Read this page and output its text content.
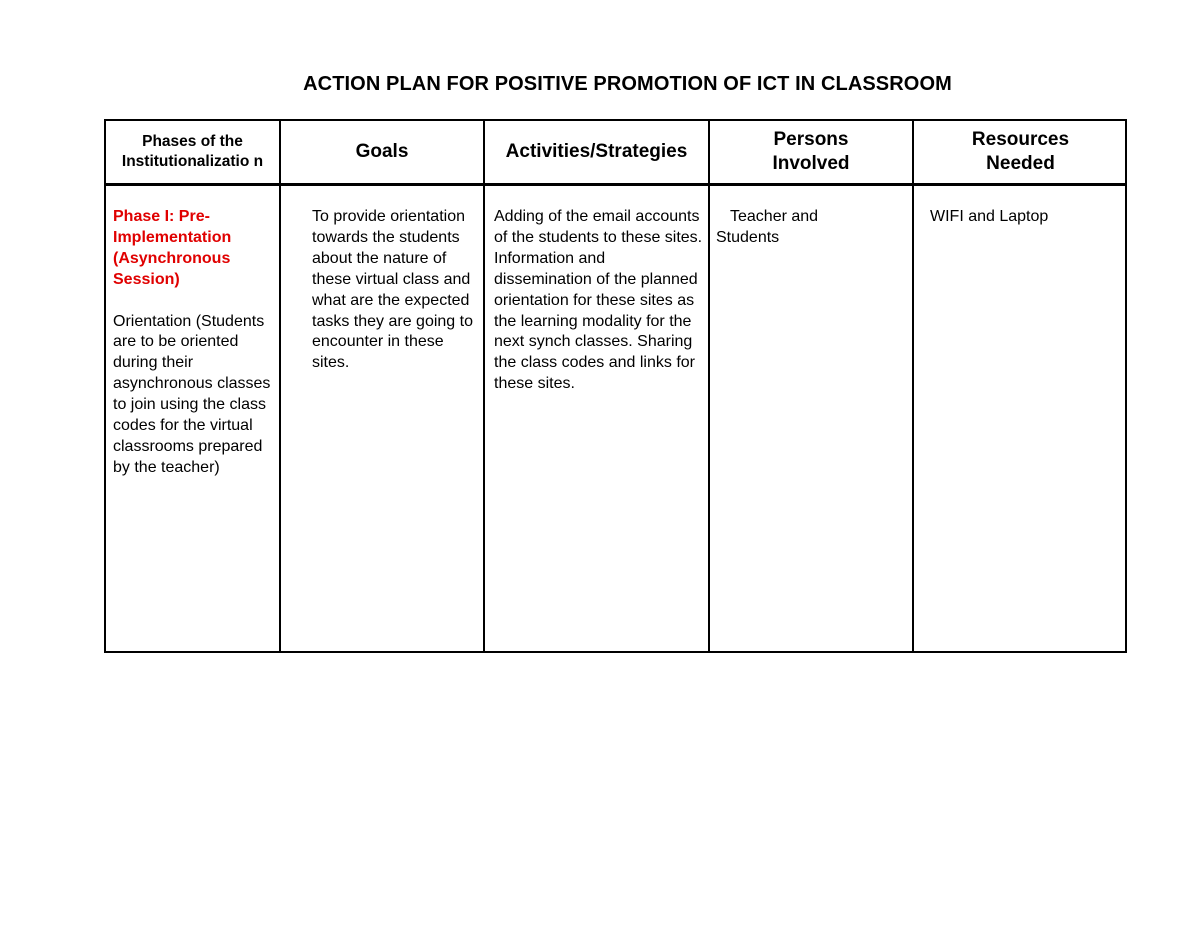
ACTION PLAN FOR POSITIVE PROMOTION OF ICT IN CLASSROOM
Phases of the Institutionalizatio n	Goals	Activities/Strategies
Persons Involved
Resources Needed

Phase I: Pre-Implementation (Asynchronous Session)

Orientation (Students are to be oriented during their asynchronous classes to join using the class codes for the virtual classrooms prepared by the teacher)

To provide orientation towards the students about the nature of these virtual class and what are the expected tasks they are going to encounter in these sites.

Adding of the email accounts of the students to these sites. Information and dissemination of the planned orientation for these sites as the learning modality for the next synch classes. Sharing the class codes and links for these sites.

Teacher and Students

WIFI and Laptop
